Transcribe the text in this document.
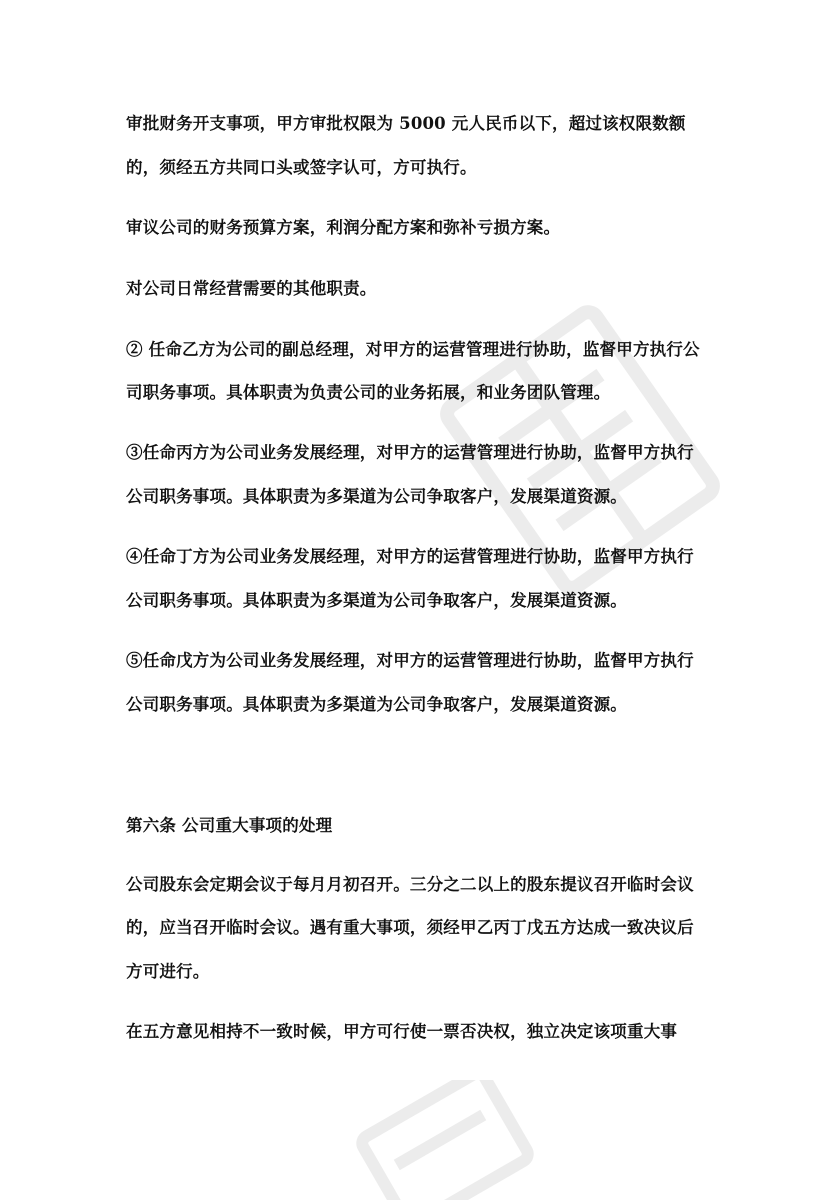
审批财务开支事项，甲方审批权限为 5000 元人民币以下，超过该权限数额
的，须经五方共同口头或签字认可，方可执行。
审议公司的财务预算方案，利润分配方案和弥补亏损方案。
对公司日常经营需要的其他职责。
② 任命乙方为公司的副总经理，对甲方的运营管理进行协助，监督甲方执行公
司职务事项。具体职责为负责公司的业务拓展，和业务团队管理。
③任命丙方为公司业务发展经理，对甲方的运营管理进行协助，监督甲方执行
公司职务事项。具体职责为多渠道为公司争取客户，发展渠道资源。
④任命丁方为公司业务发展经理，对甲方的运营管理进行协助，监督甲方执行
公司职务事项。具体职责为多渠道为公司争取客户，发展渠道资源。
⑤任命戊方为公司业务发展经理，对甲方的运营管理进行协助，监督甲方执行
公司职务事项。具体职责为多渠道为公司争取客户，发展渠道资源。
第六条 公司重大事项的处理
公司股东会定期会议于每月月初召开。三分之二以上的股东提议召开临时会议
的，应当召开临时会议。遇有重大事项，须经甲乙丙丁戊五方达成一致决议后
方可进行。
在五方意见相持不一致时候，甲方可行使一票否决权，独立决定该项重大事
